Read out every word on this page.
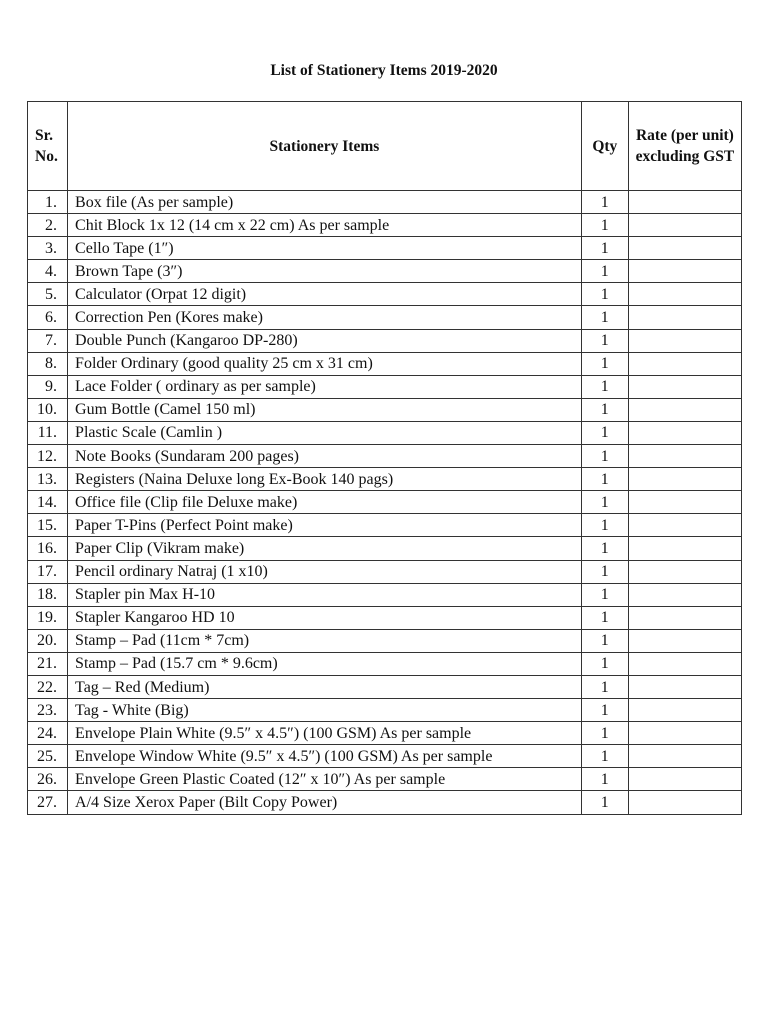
List of Stationery Items 2019-2020
Sr. No.	Stationery Items	Qty	Rate (per unit) excluding GST
1.	Box file (As per sample)	1	
2.	Chit Block 1x 12 (14 cm x 22 cm) As per sample	1	
3.	Cello Tape (1″)	1	
4.	Brown Tape (3″)	1	
5.	Calculator (Orpat 12 digit)	1	
6.	Correction Pen (Kores make)	1	
7.	Double Punch (Kangaroo DP-280)	1	
8.	Folder Ordinary (good quality 25 cm x 31 cm)	1	
9.	Lace Folder ( ordinary as per sample)	1	
10.	Gum Bottle (Camel 150 ml)	1	
11.	Plastic Scale (Camlin )	1	
12.	Note Books (Sundaram 200 pages)	1	
13.	Registers (Naina Deluxe long Ex-Book 140 pags)	1	
14.	Office file (Clip file Deluxe make)	1	
15.	Paper T-Pins (Perfect Point make)	1	
16.	Paper Clip (Vikram make)	1	
17.	Pencil ordinary Natraj (1 x10)	1	
18.	Stapler pin Max H-10	1	
19.	Stapler Kangaroo HD 10	1	
20.	Stamp – Pad (11cm * 7cm)	1	
21.	Stamp – Pad (15.7 cm * 9.6cm)	1	
22.	Tag – Red (Medium)	1	
23.	Tag - White (Big)	1	
24.	Envelope Plain White (9.5″ x 4.5″) (100 GSM) As per sample	1	
25.	Envelope Window White (9.5″ x 4.5″) (100 GSM) As per sample	1	
26.	Envelope Green Plastic Coated (12″ x 10″) As per sample	1	
27.	A/4 Size Xerox Paper (Bilt Copy Power)	1	
